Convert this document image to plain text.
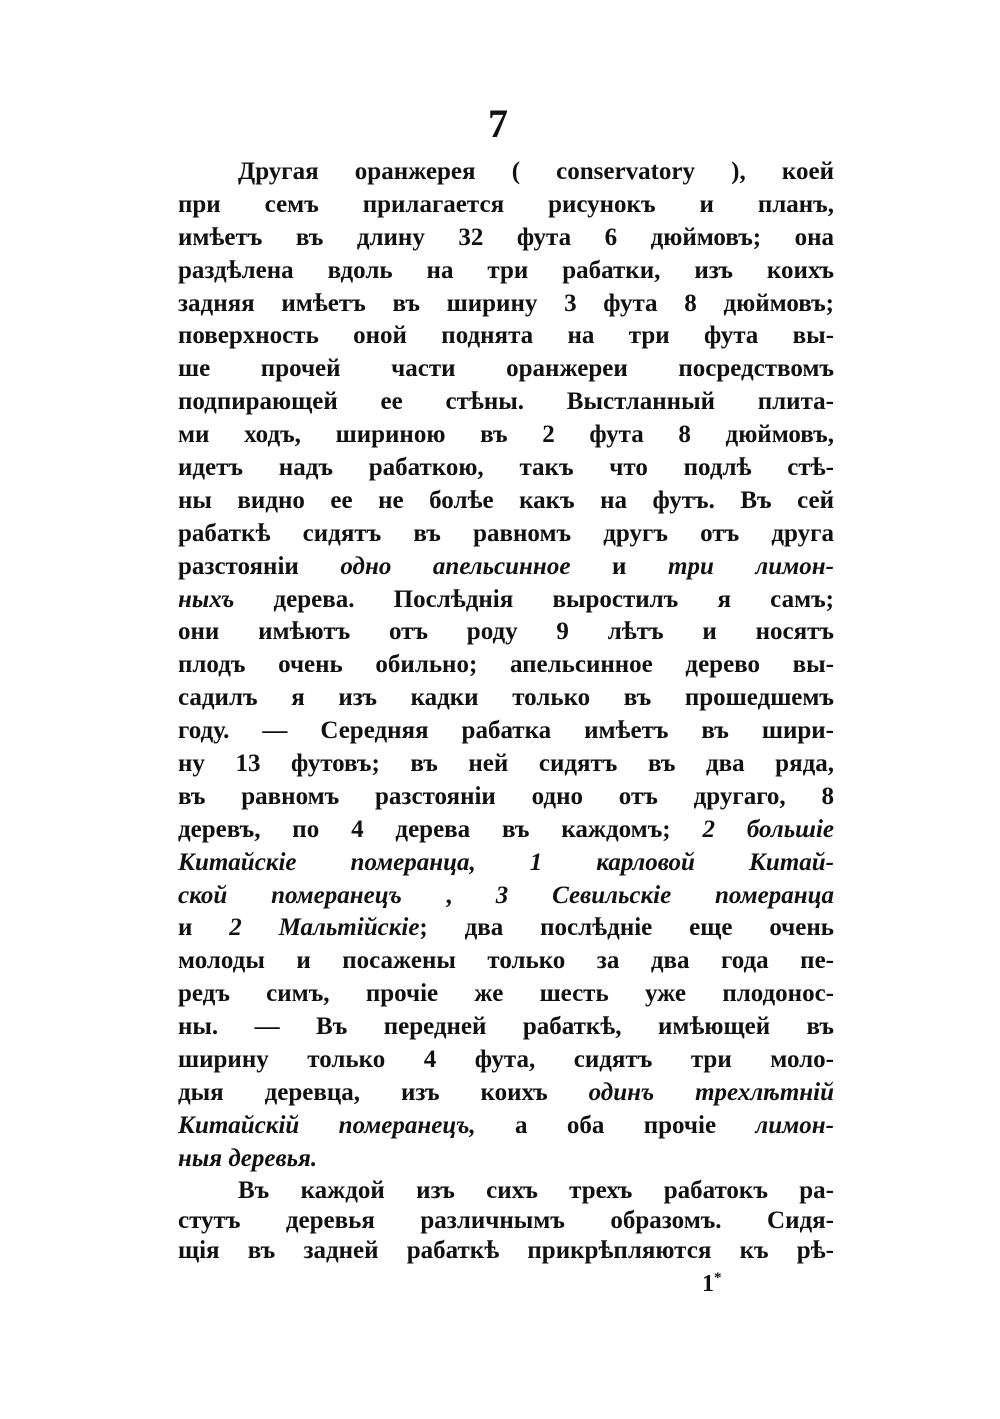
7
Другая оранжерея ( conservatory ), коей
при семъ прилагается рисунокъ и планъ,
имѣетъ въ длину 32 фута 6 дюймовъ; она
раздѣлена вдоль на три рабатки, изъ коихъ
задняя имѣетъ въ ширину 3 фута 8 дюймовъ;
поверхность оной поднята на три фута вы-
ше прочей части оранжереи посредствомъ
подпирающей ее стѣны. Выстланный плита-
ми ходъ, шириною въ 2 фута 8 дюймовъ,
идетъ надъ рабаткою, такъ что подлѣ стѣ-
ны видно ее не болѣе какъ на футъ. Въ сей
рабаткѣ сидятъ въ равномъ другъ отъ друга
разстояніи одно апельсинное и три лимон-
ныхъ дерева. Послѣднія выростилъ я самъ;
они имѣютъ отъ роду 9 лѣтъ и носятъ
плодъ очень обильно; апельсинное дерево вы-
садилъ я изъ кадки только въ прошедшемъ
году. — Середняя рабатка имѣетъ въ шири-
ну 13 футовъ; въ ней сидятъ въ два ряда,
въ равномъ разстояніи одно отъ другаго, 8
деревъ, по 4 дерева въ каждомъ; 2 большіе
Китайскіе померанца, 1 карловой Китай-
ской померанецъ , 3 Севильскіе померанца
и 2 Мальтійскіе; два послѣдніе еще очень
молоды и посажены только за два года пе-
редъ симъ, прочіе же шесть уже плодонос-
ны. — Въ передней рабаткѣ, имѣющей въ
ширину только 4 фута, сидятъ три моло-
дыя деревца, изъ коихъ одинъ трехлѣтній
Китайскій померанецъ, а оба прочіе лимон-
ныя деревья.
Въ каждой изъ сихъ трехъ рабатокъ ра-
стутъ деревья различнымъ образомъ. Сидя-
щія въ задней рабаткѣ прикрѣпляются къ рѣ-
1*
